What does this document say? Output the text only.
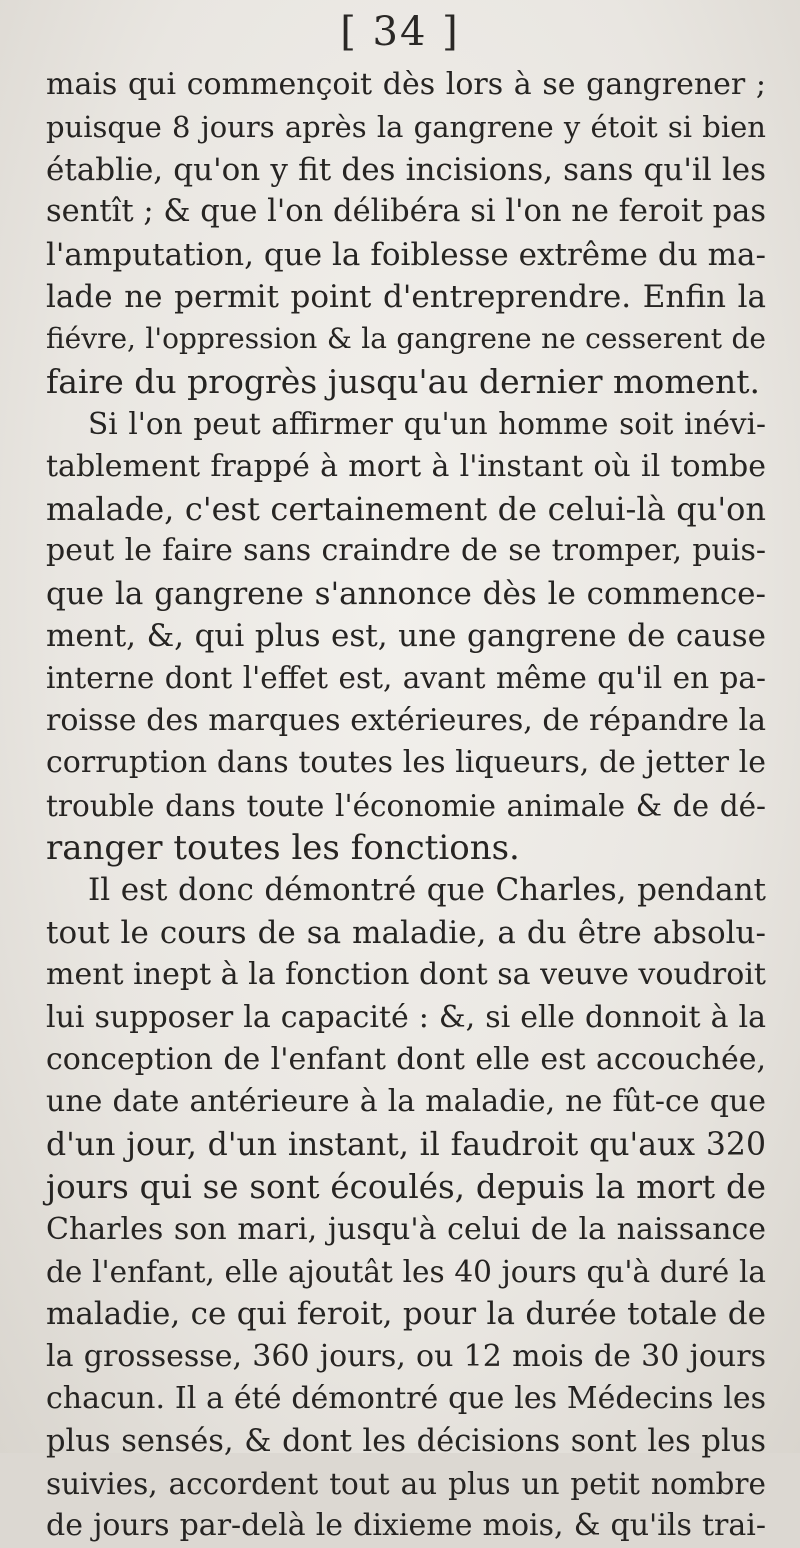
[ 34 ]
mais qui commençoit dès lors à se gangrener ;
puisque 8 jours après la gangrene y étoit si bien
établie, qu'on y fit des incisions, sans qu'il les
sentît ; & que l'on délibéra si l'on ne feroit pas
l'amputation, que la foiblesse extrême du ma-
lade ne permit point d'entreprendre. Enfin la
fiévre, l'oppression & la gangrene ne cesserent de
faire du progrès jusqu'au dernier moment.
Si l'on peut affirmer qu'un homme soit inévi-
tablement frappé à mort à l'instant où il tombe
malade, c'est certainement de celui-là qu'on
peut le faire sans craindre de se tromper, puis-
que la gangrene s'annonce dès le commence-
ment, &, qui plus est, une gangrene de cause
interne dont l'effet est, avant même qu'il en pa-
roisse des marques extérieures, de répandre la
corruption dans toutes les liqueurs, de jetter le
trouble dans toute l'économie animale & de dé-
ranger toutes les fonctions.
Il est donc démontré que Charles, pendant
tout le cours de sa maladie, a du être absolu-
ment inept à la fonction dont sa veuve voudroit
lui supposer la capacité : &, si elle donnoit à la
conception de l'enfant dont elle est accouchée,
une date antérieure à la maladie, ne fût-ce que
d'un jour, d'un instant, il faudroit qu'aux 320
jours qui se sont écoulés, depuis la mort de
Charles son mari, jusqu'à celui de la naissance
de l'enfant, elle ajoutât les 40 jours qu'à duré la
maladie, ce qui feroit, pour la durée totale de
la grossesse, 360 jours, ou 12 mois de 30 jours
chacun. Il a été démontré que les Médecins les
plus sensés, & dont les décisions sont les plus
suivies, accordent tout au plus un petit nombre
de jours par-delà le dixieme mois, & qu'ils trai-
